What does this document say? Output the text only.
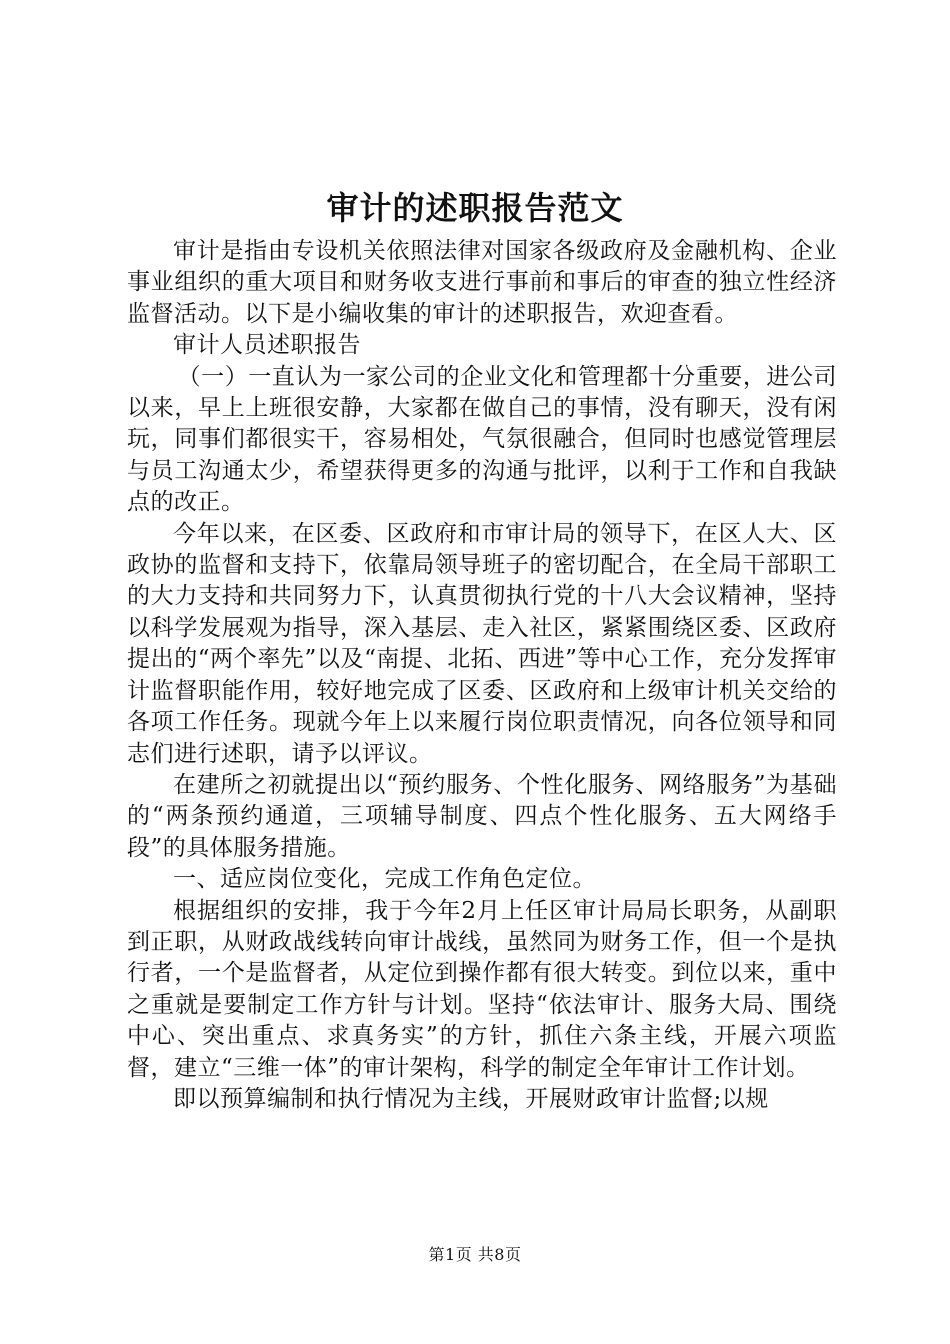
审计的述职报告范文

审计是指由专设机关依照法律对国家各级政府及金融机构、企业事业组织的重大项目和财务收支进行事前和事后的审查的独立性经济监督活动。以下是小编收集的审计的述职报告，欢迎查看。

审计人员述职报告

（一）一直认为一家公司的企业文化和管理都十分重要，进公司以来，早上上班很安静，大家都在做自己的事情，没有聊天，没有闲玩，同事们都很实干，容易相处，气氛很融合，但同时也感觉管理层与员工沟通太少，希望获得更多的沟通与批评，以利于工作和自我缺点的改正。

今年以来，在区委、区政府和市审计局的领导下，在区人大、区政协的监督和支持下，依靠局领导班子的密切配合，在全局干部职工的大力支持和共同努力下，认真贯彻执行党的十八大会议精神，坚持以科学发展观为指导，深入基层、走入社区，紧紧围绕区委、区政府提出的“两个率先”以及“南提、北拓、西进”等中心工作，充分发挥审计监督职能作用，较好地完成了区委、区政府和上级审计机关交给的各项工作任务。现就今年上以来履行岗位职责情况，向各位领导和同志们进行述职，请予以评议。

在建所之初就提出以“预约服务、个性化服务、网络服务”为基础的“两条预约通道，三项辅导制度、四点个性化服务、五大网络手段”的具体服务措施。

一、适应岗位变化，完成工作角色定位。

根据组织的安排，我于今年2月上任区审计局局长职务，从副职到正职，从财政战线转向审计战线，虽然同为财务工作，但一个是执行者，一个是监督者，从定位到操作都有很大转变。到位以来，重中之重就是要制定工作方针与计划。坚持“依法审计、服务大局、围绕中心、突出重点、求真务实”的方针，抓住六条主线，开展六项监督，建立“三维一体”的审计架构，科学的制定全年审计工作计划。

即以预算编制和执行情况为主线，开展财政审计监督;以规

第1页 共8页
